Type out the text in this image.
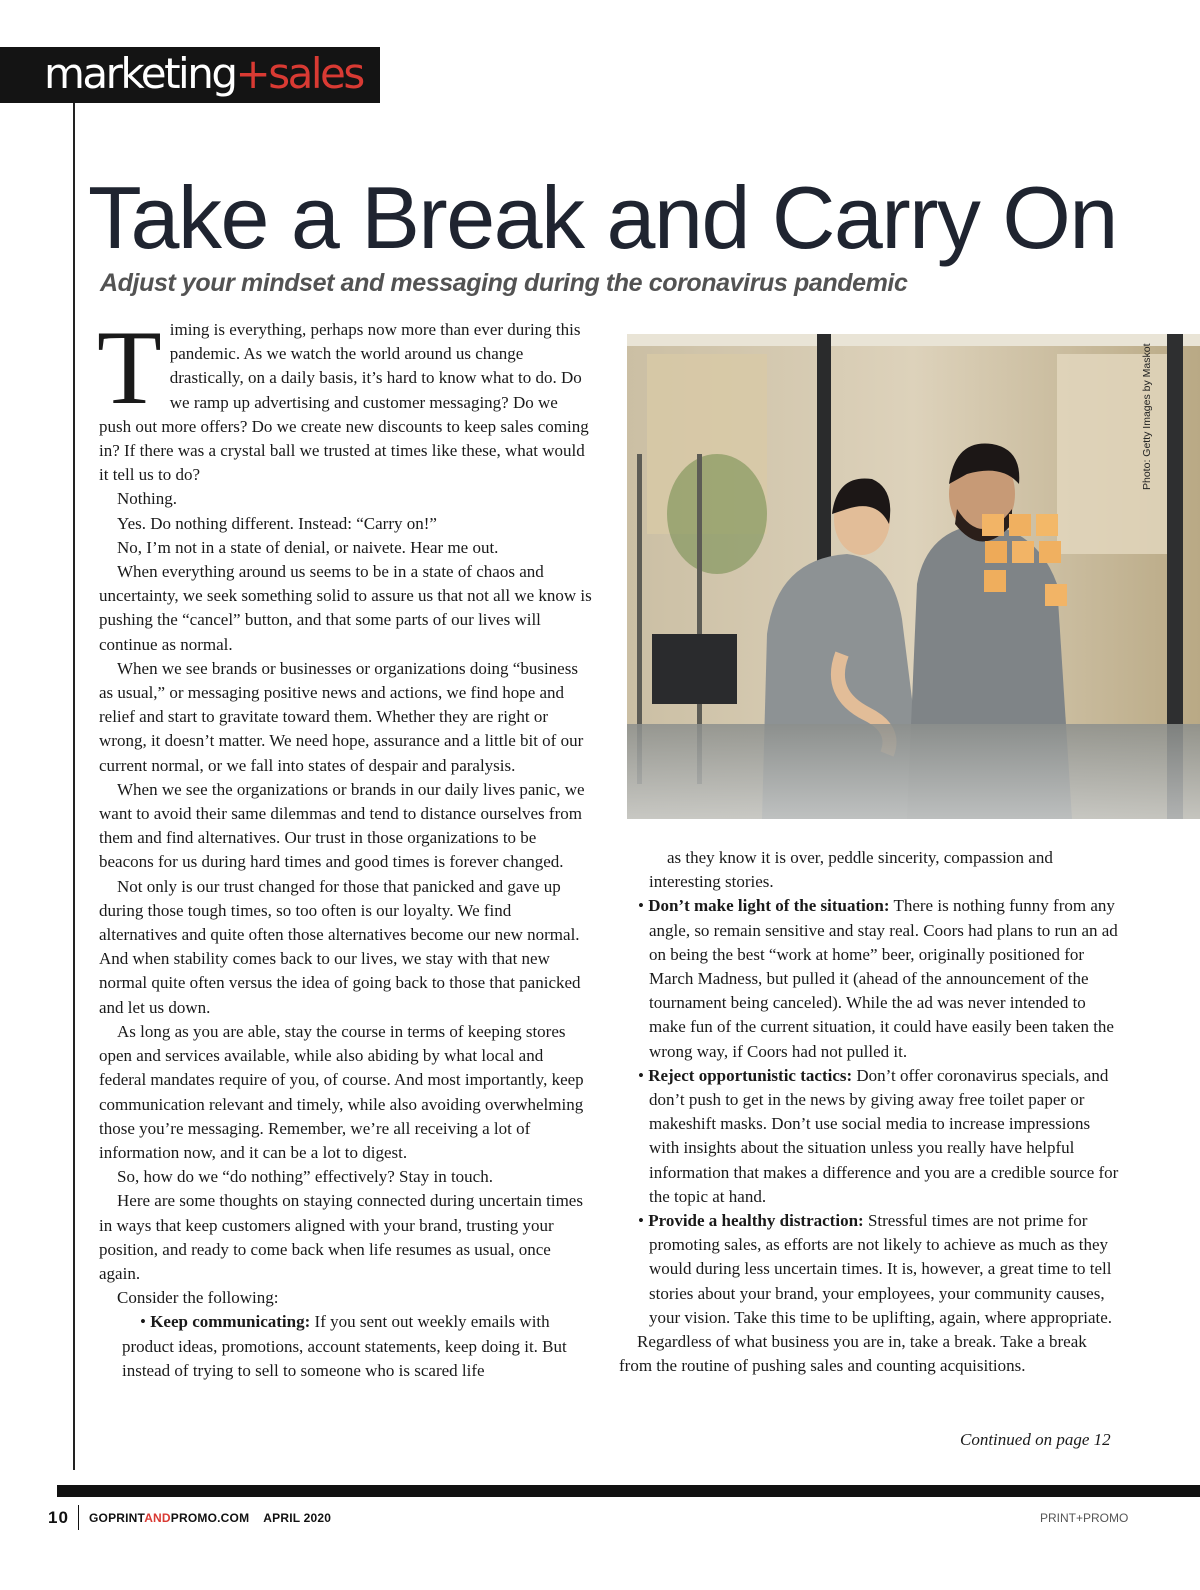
marketing+sales
Take a Break and Carry On
Adjust your mindset and messaging during the coronavirus pandemic

Timing is everything, perhaps now more than ever during this pandemic. As we watch the world around us change drastically, on a daily basis, it’s hard to know what to do. Do we ramp up advertising and customer messaging? Do we push out more offers? Do we create new discounts to keep sales coming in? If there was a crystal ball we trusted at times like these, what would it tell us to do?

Nothing.

Yes. Do nothing different. Instead: “Carry on!”

No, I’m not in a state of denial, or naivete. Hear me out.

When everything around us seems to be in a state of chaos and uncertainty, we seek something solid to assure us that not all we know is pushing the “cancel” button, and that some parts of our lives will continue as normal.

When we see brands or businesses or organizations doing “business as usual,” or messaging positive news and actions, we find hope and relief and start to gravitate toward them. Whether they are right or wrong, it doesn’t matter. We need hope, assurance and a little bit of our current normal, or we fall into states of despair and paralysis.

When we see the organizations or brands in our daily lives panic, we want to avoid their same dilemmas and tend to distance ourselves from them and find alternatives. Our trust in those organizations to be beacons for us during hard times and good times is forever changed.

Not only is our trust changed for those that panicked and gave up during those tough times, so too often is our loyalty. We find alternatives and quite often those alternatives become our new normal. And when stability comes back to our lives, we stay with that new normal quite often versus the idea of going back to those that panicked and let us down.

As long as you are able, stay the course in terms of keeping stores open and services available, while also abiding by what local and federal mandates require of you, of course. And most importantly, keep communication relevant and timely, while also avoiding overwhelming those you’re messaging. Remember, we’re all receiving a lot of information now, and it can be a lot to digest.

So, how do we “do nothing” effectively? Stay in touch.

Here are some thoughts on staying connected during uncertain times in ways that keep customers aligned with your brand, trusting your position, and ready to come back when life resumes as usual, once again.

Consider the following:

• Keep communicating: If you sent out weekly emails with product ideas, promotions, account statements, keep doing it. But instead of trying to sell to someone who is scared life

Photo: Getty Images by Maskot

as they know it is over, peddle sincerity, compassion and interesting stories.

• Don’t make light of the situation: There is nothing funny from any angle, so remain sensitive and stay real. Coors had plans to run an ad on being the best “work at home” beer, originally positioned for March Madness, but pulled it (ahead of the announcement of the tournament being canceled). While the ad was never intended to make fun of the current situation, it could have easily been taken the wrong way, if Coors had not pulled it.

• Reject opportunistic tactics: Don’t offer coronavirus specials, and don’t push to get in the news by giving away free toilet paper or makeshift masks. Don’t use social media to increase impressions with insights about the situation unless you really have helpful information that makes a difference and you are a credible source for the topic at hand.

• Provide a healthy distraction: Stressful times are not prime for promoting sales, as efforts are not likely to achieve as much as they would during less uncertain times. It is, however, a great time to tell stories about your brand, your employees, your community causes, your vision. Take this time to be uplifting, again, where appropriate.

Regardless of what business you are in, take a break. Take a break from the routine of pushing sales and counting acquisitions.

Continued on page 12
10 GOPRINTANDPROMO.COM APRIL 2020	PRINT+PROMO
